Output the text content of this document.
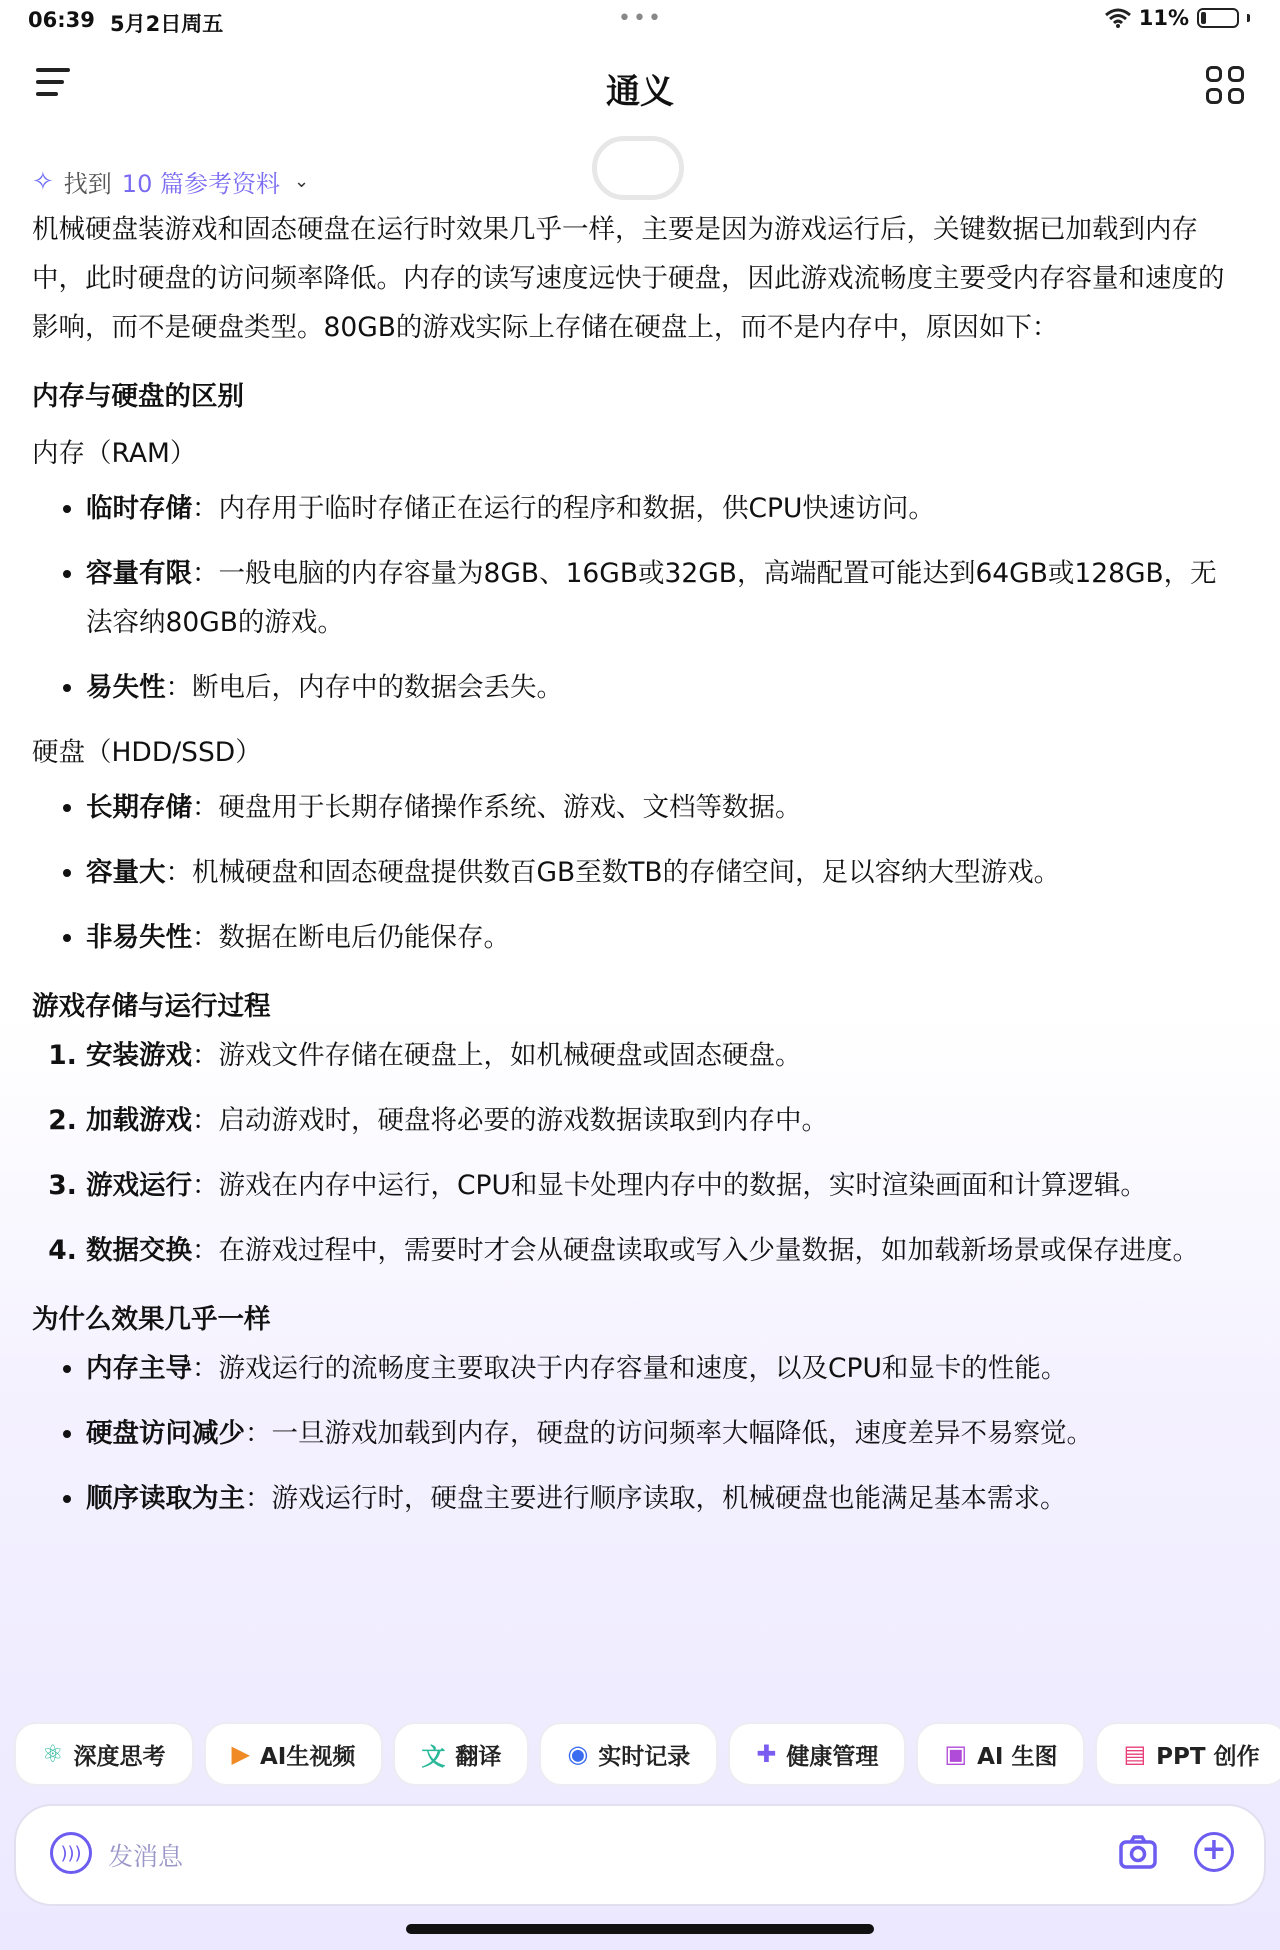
06:39 5月2日周五	•••	11%
通义
✧ 找到 10 篇参考资料 ⌄

机械硬盘装游戏和固态硬盘在运行时效果几乎一样，主要是因为游戏运行后，关键数据已加载到内存中，此时硬盘的访问频率降低。内存的读写速度远快于硬盘，因此游戏流畅度主要受内存容量和速度的影响，而不是硬盘类型。80GB的游戏实际上存储在硬盘上，而不是内存中，原因如下：

内存与硬盘的区别
内存（RAM）
• 临时存储：内存用于临时存储正在运行的程序和数据，供CPU快速访问。
• 容量有限：一般电脑的内存容量为8GB、16GB或32GB，高端配置可能达到64GB或128GB，无法容纳80GB的游戏。
• 易失性：断电后，内存中的数据会丢失。
硬盘（HDD/SSD）
• 长期存储：硬盘用于长期存储操作系统、游戏、文档等数据。
• 容量大：机械硬盘和固态硬盘提供数百GB至数TB的存储空间，足以容纳大型游戏。
• 非易失性：数据在断电后仍能保存。
游戏存储与运行过程
1. 安装游戏：游戏文件存储在硬盘上，如机械硬盘或固态硬盘。
2. 加载游戏：启动游戏时，硬盘将必要的游戏数据读取到内存中。
3. 游戏运行：游戏在内存中运行，CPU和显卡处理内存中的数据，实时渲染画面和计算逻辑。
4. 数据交换：在游戏过程中，需要时才会从硬盘读取或写入少量数据，如加载新场景或保存进度。
为什么效果几乎一样
• 内存主导：游戏运行的流畅度主要取决于内存容量和速度，以及CPU和显卡的性能。
• 硬盘访问减少：一旦游戏加载到内存，硬盘的访问频率大幅降低，速度差异不易察觉。
• 顺序读取为主：游戏运行时，硬盘主要进行顺序读取，机械硬盘也能满足基本需求。
⚛ 深度思考	▶ AI生视频	文 翻译	◉ 实时记录	✚ 健康管理	▣ AI 生图	▤ PPT 创作
)))
发消息	+
